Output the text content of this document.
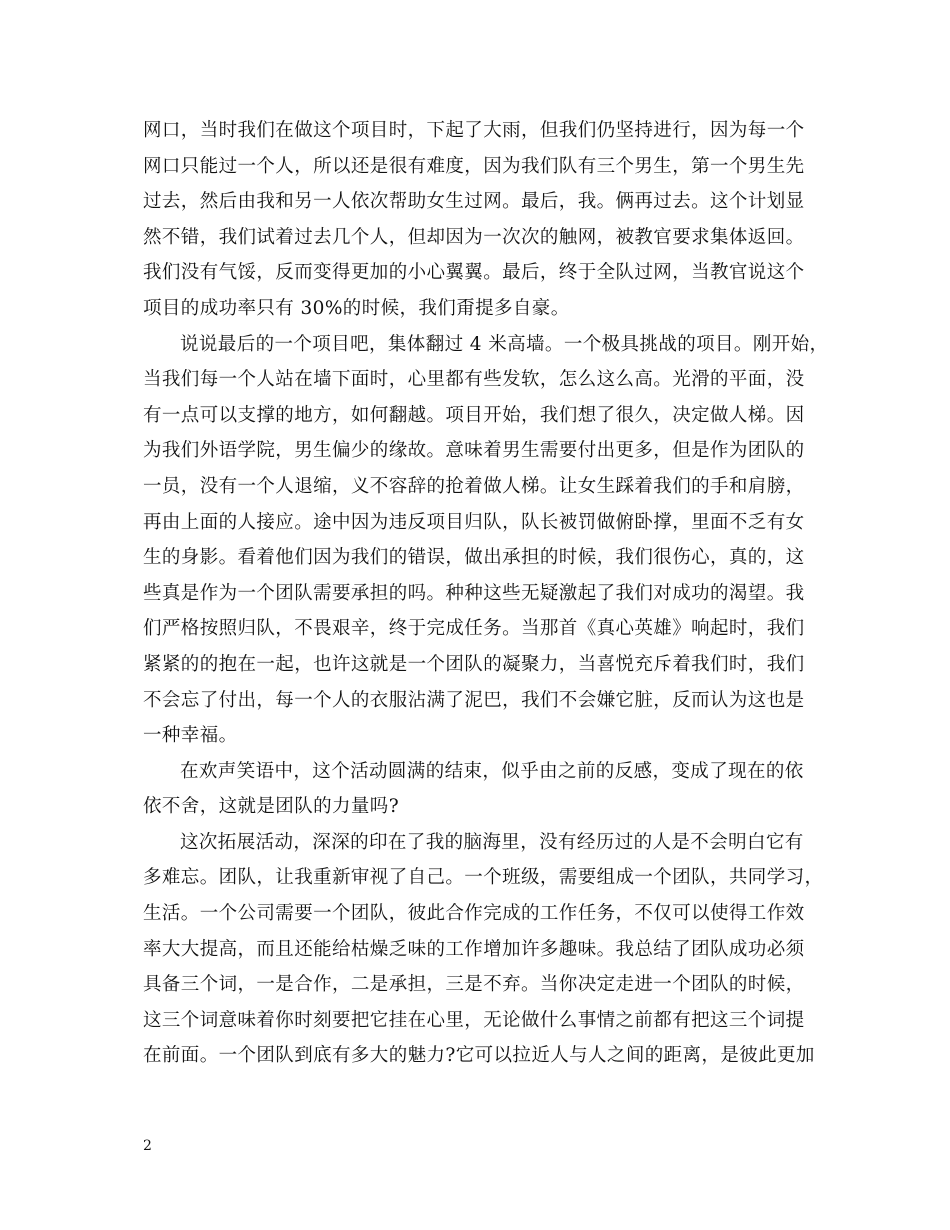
网口，当时我们在做这个项目时，下起了大雨，但我们仍坚持进行，因为每一个
网口只能过一个人，所以还是很有难度，因为我们队有三个男生，第一个男生先
过去，然后由我和另一人依次帮助女生过网。最后，我。俩再过去。这个计划显
然不错，我们试着过去几个人，但却因为一次次的触网，被教官要求集体返回。
我们没有气馁，反而变得更加的小心翼翼。最后，终于全队过网，当教官说这个
项目的成功率只有 30%的时候，我们甭提多自豪。
说说最后的一个项目吧，集体翻过 4 米高墙。一个极具挑战的项目。刚开始，
当我们每一个人站在墙下面时，心里都有些发软，怎么这么高。光滑的平面，没
有一点可以支撑的地方，如何翻越。项目开始，我们想了很久，决定做人梯。因
为我们外语学院，男生偏少的缘故。意味着男生需要付出更多，但是作为团队的
一员，没有一个人退缩，义不容辞的抢着做人梯。让女生踩着我们的手和肩膀，
再由上面的人接应。途中因为违反项目归队，队长被罚做俯卧撑，里面不乏有女
生的身影。看着他们因为我们的错误，做出承担的时候，我们很伤心，真的，这
些真是作为一个团队需要承担的吗。种种这些无疑激起了我们对成功的渴望。我
们严格按照归队，不畏艰辛，终于完成任务。当那首《真心英雄》响起时，我们
紧紧的的抱在一起，也许这就是一个团队的凝聚力，当喜悦充斥着我们时，我们
不会忘了付出，每一个人的衣服沾满了泥巴，我们不会嫌它脏，反而认为这也是
一种幸福。
在欢声笑语中，这个活动圆满的结束，似乎由之前的反感，变成了现在的依
依不舍，这就是团队的力量吗?
这次拓展活动，深深的印在了我的脑海里，没有经历过的人是不会明白它有
多难忘。团队，让我重新审视了自己。一个班级，需要组成一个团队，共同学习，
生活。一个公司需要一个团队，彼此合作完成的工作任务，不仅可以使得工作效
率大大提高，而且还能给枯燥乏味的工作增加许多趣味。我总结了团队成功必须
具备三个词，一是合作，二是承担，三是不弃。当你决定走进一个团队的时候，
这三个词意味着你时刻要把它挂在心里，无论做什么事情之前都有把这三个词提
在前面。一个团队到底有多大的魅力?它可以拉近人与人之间的距离，是彼此更加
2
